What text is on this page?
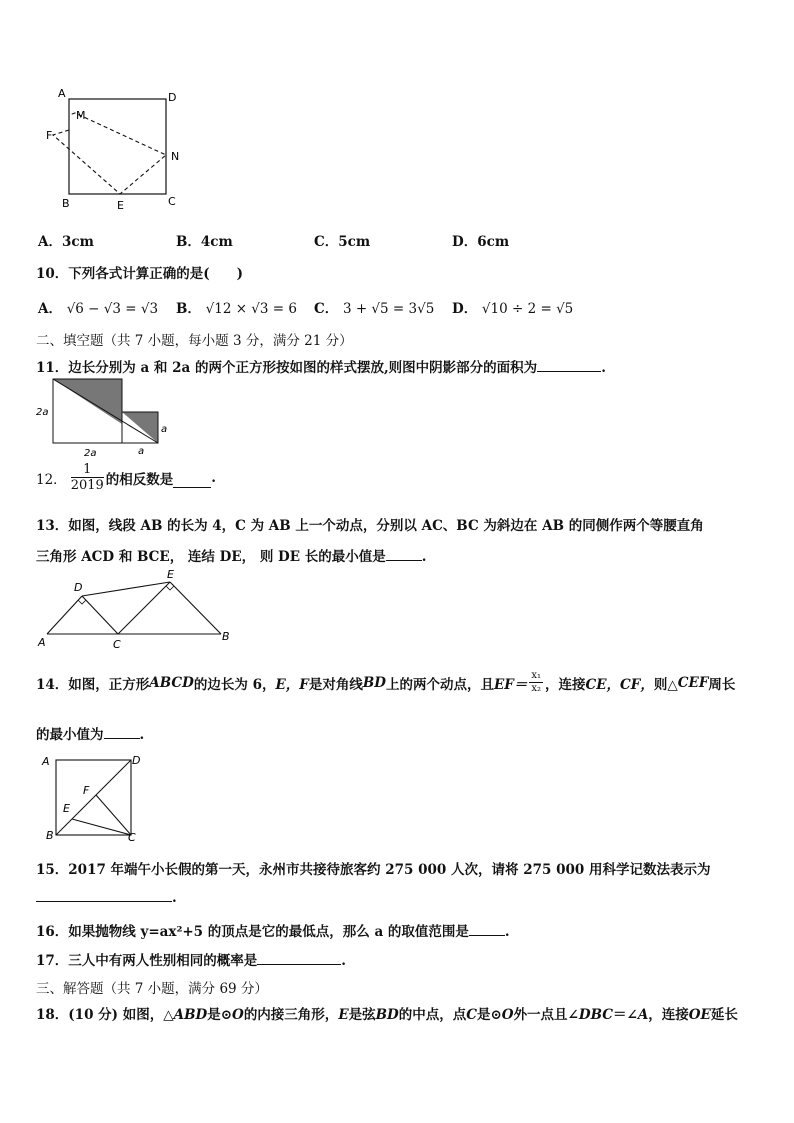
A	D
M
F
N
B	E	C
A．3cm	B．4cm	C．5cm	D．6cm
10．下列各式计算正确的是(　　)
A． √6 − √3 = √3 B． √12 × √3 = 6 C． 3 + √5 = 3√5 D． √10 ÷ 2 = √5
二、填空题（共 7 小题，每小题 3 分，满分 21 分）
11．边长分别为 a 和 2a 的两个正方形按如图的样式摆放,则图中阴影部分的面积为	.
2a
2a
a
a
12． $\frac{1}{2019}$ 的相反数是	.
13．如图，线段 AB 的长为 4，C 为 AB 上一个动点，分别以 AC、BC 为斜边在 AB 的同侧作两个等腰直角
三角形 ACD 和 BCE， 连结 DE， 则 DE 长的最小值是	.
D
E
A	C
B
14．如图，正方形 ABCD 的边长为 6， E，F 是对角线 BD 上的两个动点，且 $EF= \frac{\text{x₁}}{\text{x₂}}$ ，连接 CE，CF， 则△ CEF 周长
的最小值为	.
A	D
F
E
B	C
15．2017 年端午小长假的第一天，永州市共接待旅客约 275 000 人次，请将 275 000 用科学记数法表示为
.
16．如果抛物线 y=ax²+5 的顶点是它的最低点，那么 a 的取值范围是	.
17．三人中有两人性别相同的概率是	.
三、解答题（共 7 小题，满分 69 分）
18．(10 分) 如图，△ABD是⊙O的内接三角形，E是弦BD的中点，点C是⊙O外一点且∠DBC＝∠A，连接OE延长
